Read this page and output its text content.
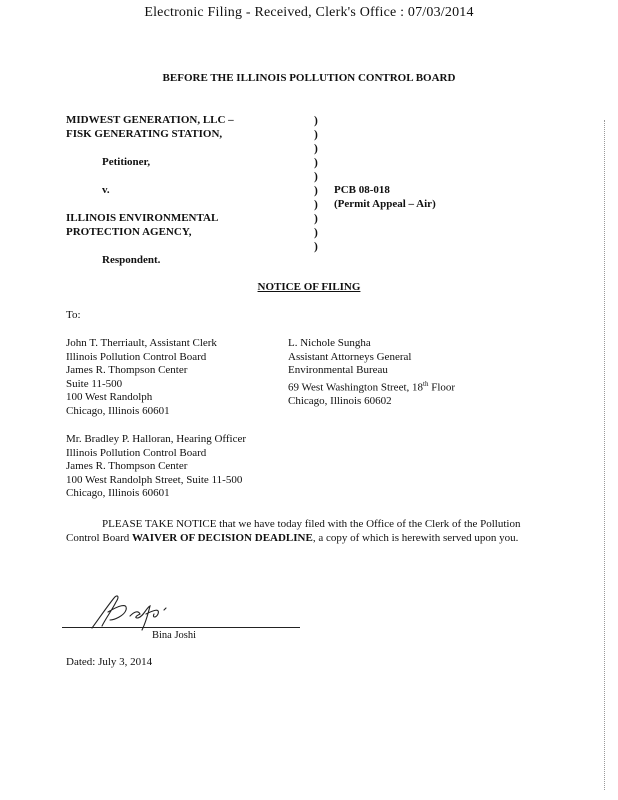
Electronic Filing - Received, Clerk's Office : 07/03/2014
BEFORE THE ILLINOIS POLLUTION CONTROL BOARD
MIDWEST GENERATION, LLC –
FISK GENERATING STATION,
Petitioner,
v.
ILLINOIS ENVIRONMENTAL
PROTECTION AGENCY,
Respondent.
)
)
)
)
)
)
)
)
)
)
PCB 08-018
(Permit Appeal – Air)
NOTICE OF FILING
To:
John T. Therriault, Assistant Clerk
Illinois Pollution Control Board
James R. Thompson Center
Suite 11-500
100 West Randolph
Chicago, Illinois 60601
L. Nichole Sungha
Assistant Attorneys General
Environmental Bureau
69 West Washington Street, 18th Floor
Chicago, Illinois 60602
Mr. Bradley P. Halloran, Hearing Officer
Illinois Pollution Control Board
James R. Thompson Center
100 West Randolph Street, Suite 11-500
Chicago, Illinois 60601
PLEASE TAKE NOTICE that we have today filed with the Office of the Clerk of the Pollution Control Board WAIVER OF DECISION DEADLINE, a copy of which is herewith served upon you.
Bina Joshi
Dated: July 3, 2014
